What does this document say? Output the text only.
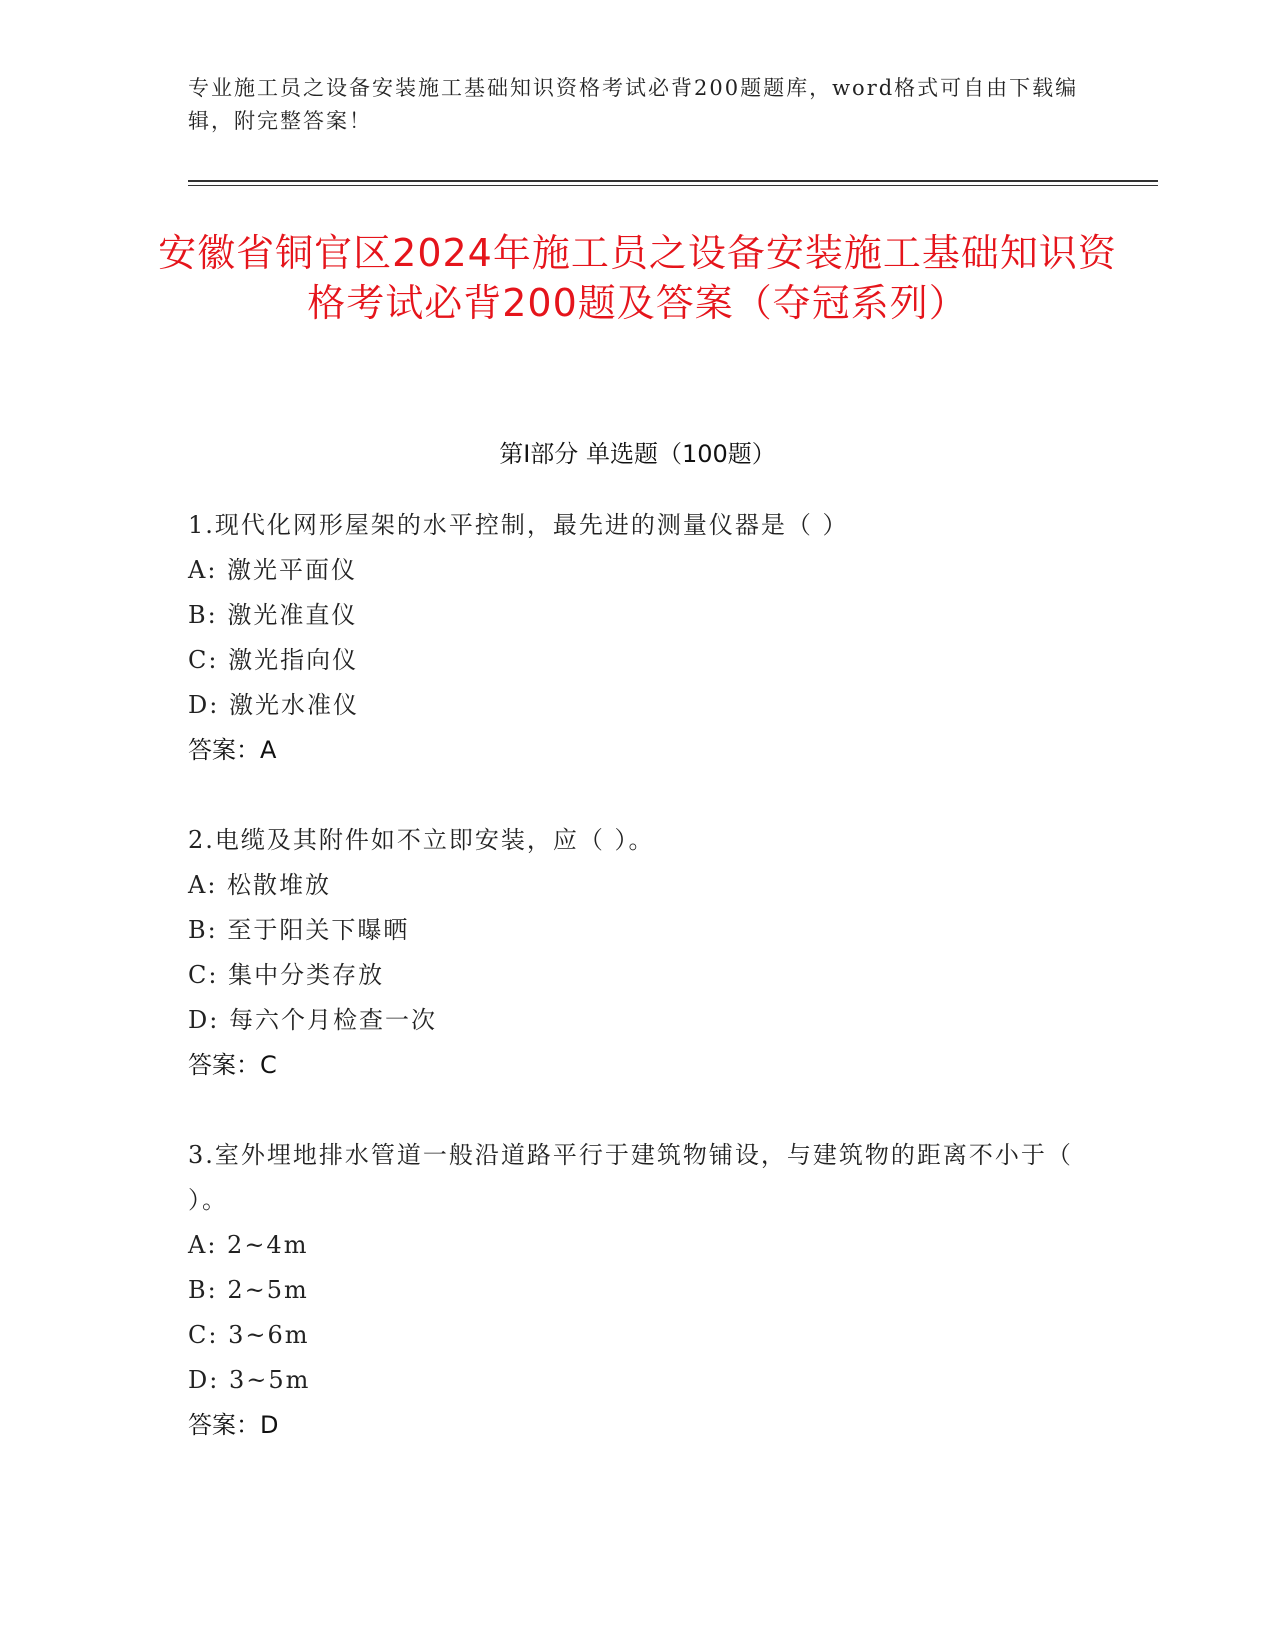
专业施工员之设备安装施工基础知识资格考试必背200题题库，word格式可自由下载编辑，附完整答案！
安徽省铜官区2024年施工员之设备安装施工基础知识资格考试必背200题及答案（夺冠系列）
第Ⅰ部分 单选题（100题）
1.现代化网形屋架的水平控制，最先进的测量仪器是（ ）
A: 激光平面仪
B: 激光准直仪
C: 激光指向仪
D: 激光水准仪
答案：A
2.电缆及其附件如不立即安装，应（ ）。
A: 松散堆放
B: 至于阳关下曝晒
C: 集中分类存放
D: 每六个月检查一次
答案：C
3.室外埋地排水管道一般沿道路平行于建筑物铺设，与建筑物的距离不小于（ ）。
A: 2~4m
B: 2~5m
C: 3~6m
D: 3~5m
答案：D
